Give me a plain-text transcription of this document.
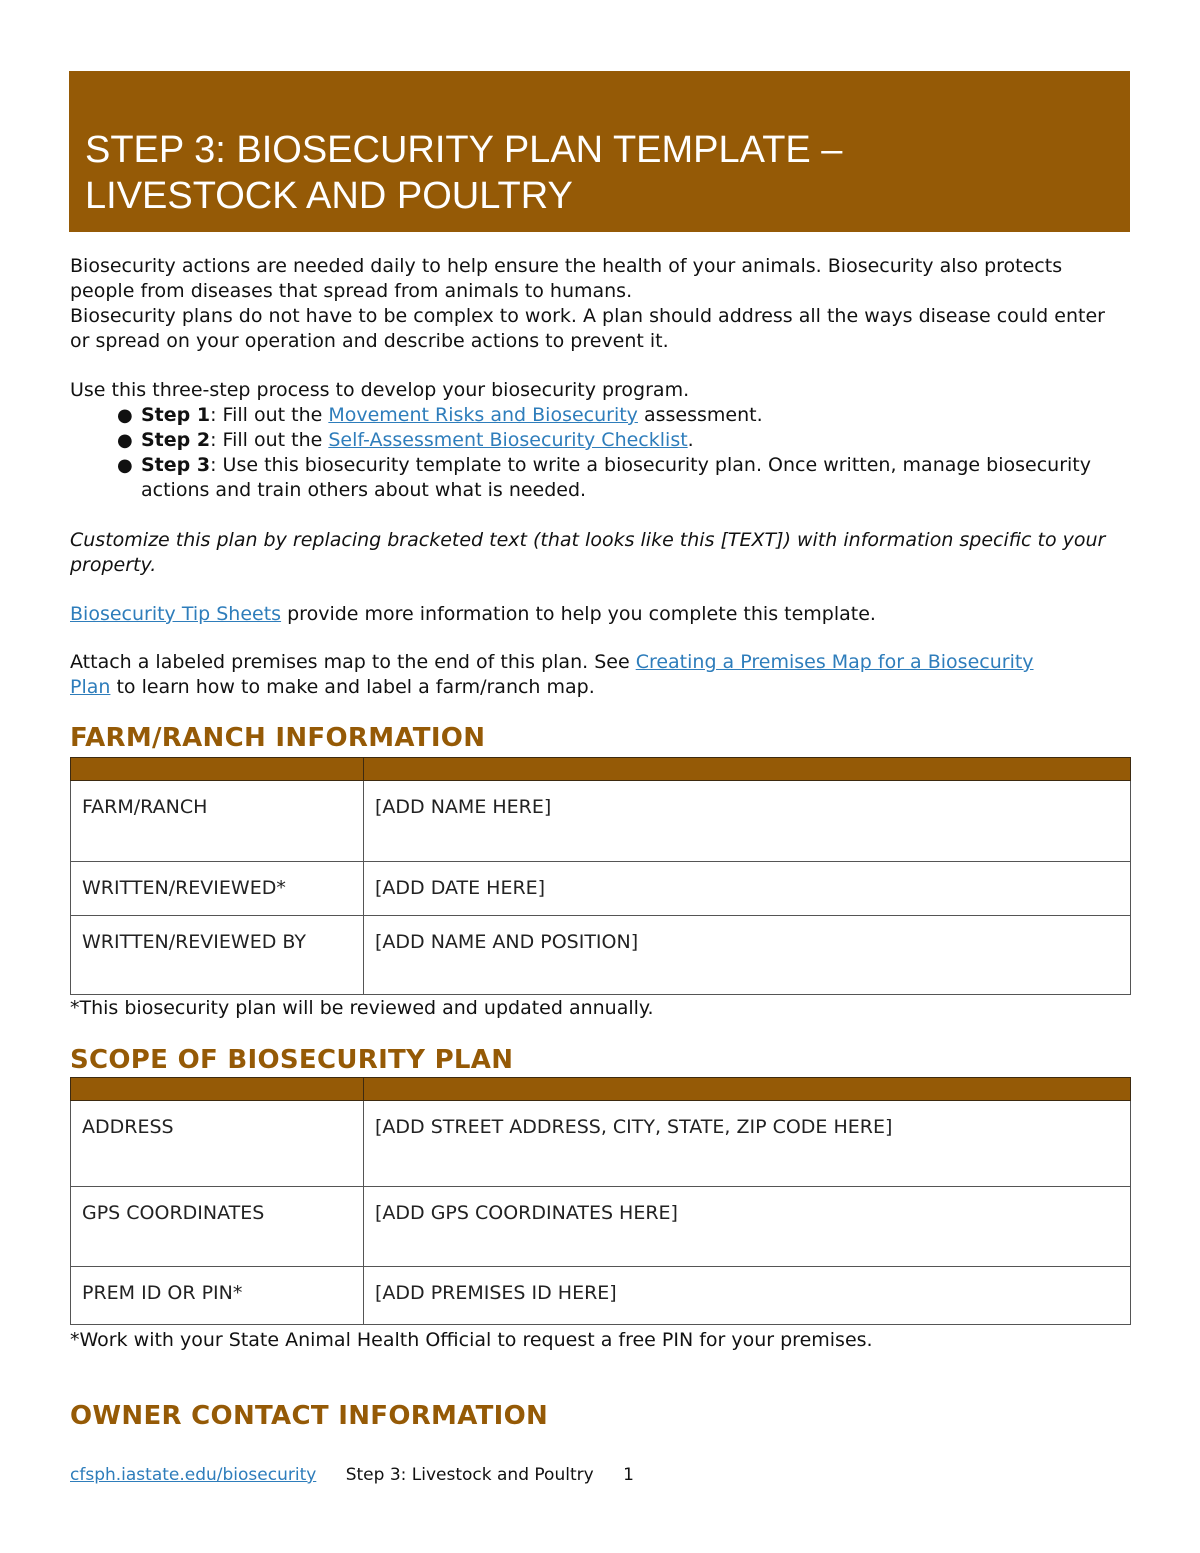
STEP 3: BIOSECURITY PLAN TEMPLATE –
LIVESTOCK AND POULTRY

Biosecurity actions are needed daily to help ensure the health of your animals. Biosecurity also protects people from diseases that spread from animals to humans.

Biosecurity plans do not have to be complex to work. A plan should address all the ways disease could enter or spread on your operation and describe actions to prevent it.

Use this three-step process to develop your biosecurity program.

● Step 1: Fill out the Movement Risks and Biosecurity assessment.
● Step 2: Fill out the Self-Assessment Biosecurity Checklist.
● Step 3: Use this biosecurity template to write a biosecurity plan. Once written, manage biosecurity actions and train others about what is needed.

Customize this plan by replacing bracketed text (that looks like this [TEXT]) with information specific to your property.

Biosecurity Tip Sheets provide more information to help you complete this template.

Attach a labeled premises map to the end of this plan. See Creating a Premises Map for a Biosecurity Plan to learn how to make and label a farm/ranch map.

FARM/RANCH INFORMATION

FARM/RANCH	[ADD NAME HERE]
WRITTEN/REVIEWED*	[ADD DATE HERE]
WRITTEN/REVIEWED BY	[ADD NAME AND POSITION]

*This biosecurity plan will be reviewed and updated annually.

SCOPE OF BIOSECURITY PLAN

ADDRESS	[ADD STREET ADDRESS, CITY, STATE, ZIP CODE HERE]
GPS COORDINATES	[ADD GPS COORDINATES HERE]
PREM ID OR PIN*	[ADD PREMISES ID HERE]

*Work with your State Animal Health Official to request a free PIN for your premises.

OWNER CONTACT INFORMATION
cfsph.iastate.edu/biosecurity Step 3: Livestock and Poultry 1
